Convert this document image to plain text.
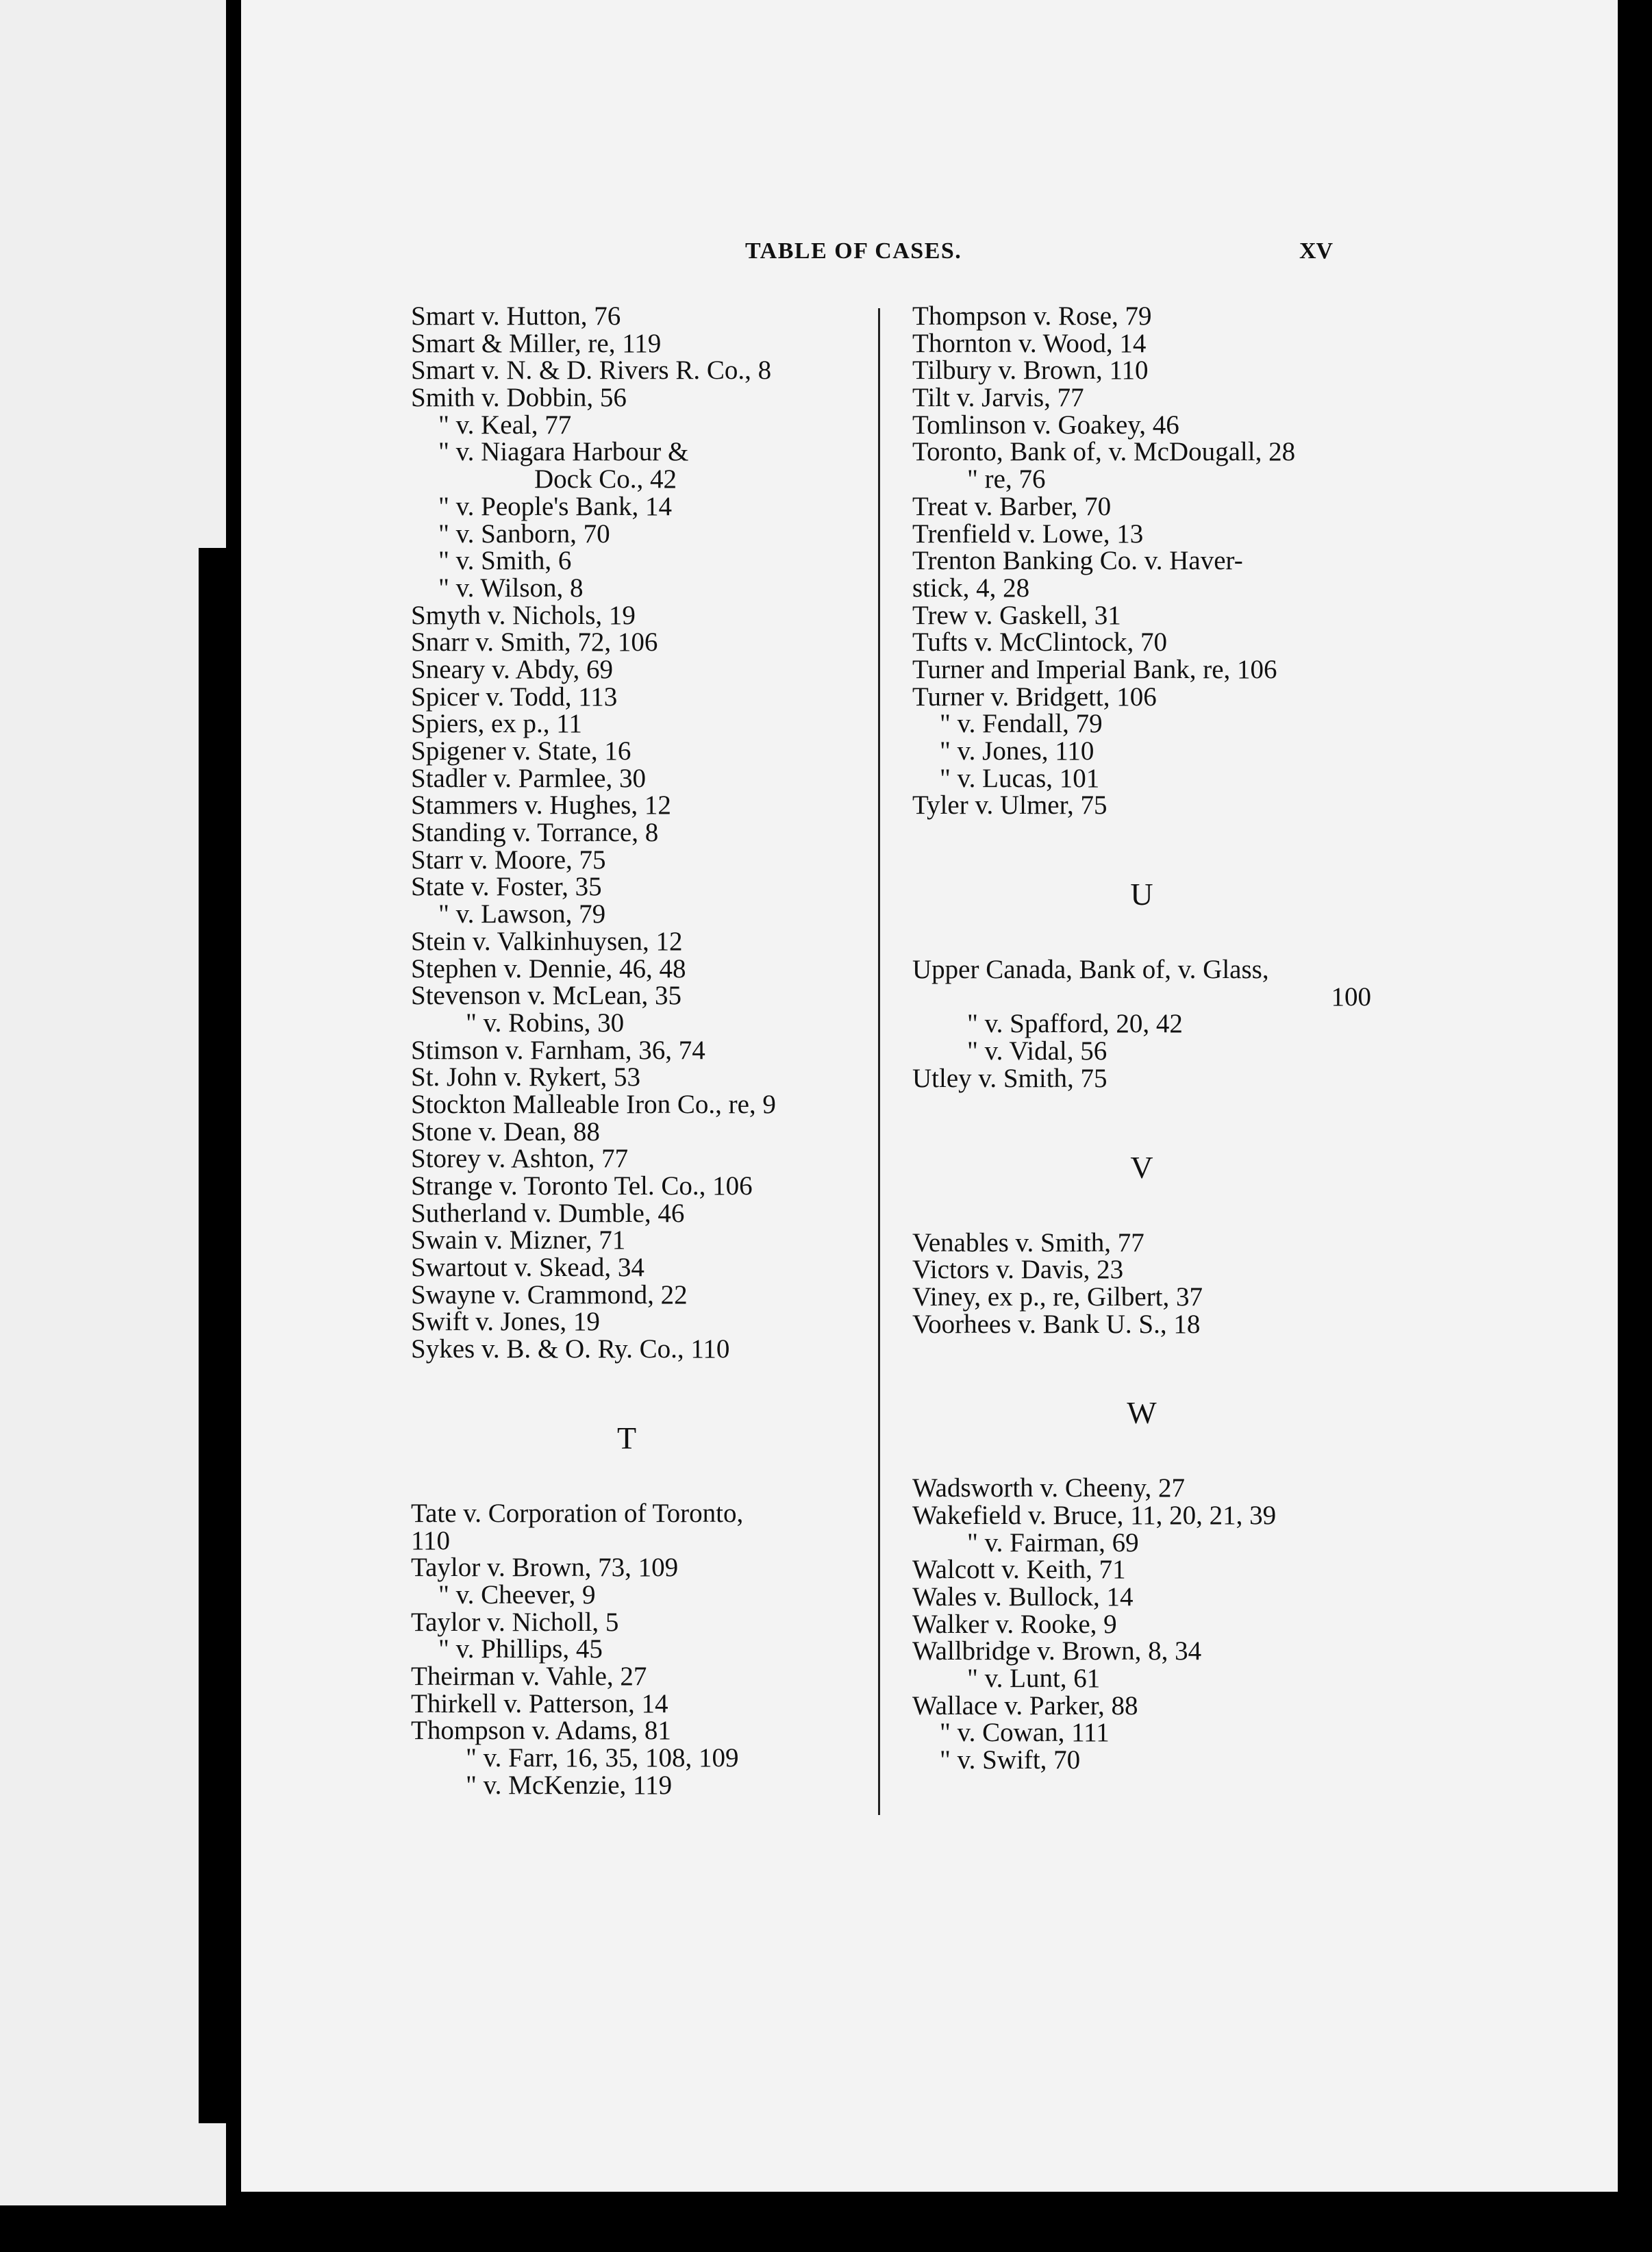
TABLE OF CASES.	XV
Smart v. Hutton, 76
Smart & Miller, re, 119
Smart v. N. & D. Rivers R. Co., 8
Smith v. Dobbin, 56
" v. Keal, 77
" v. Niagara Harbour &
Dock Co., 42
" v. People's Bank, 14
" v. Sanborn, 70
" v. Smith, 6
" v. Wilson, 8
Smyth v. Nichols, 19
Snarr v. Smith, 72, 106
Sneary v. Abdy, 69
Spicer v. Todd, 113
Spiers, ex p., 11
Spigener v. State, 16
Stadler v. Parmlee, 30
Stammers v. Hughes, 12
Standing v. Torrance, 8
Starr v. Moore, 75
State v. Foster, 35
" v. Lawson, 79
Stein v. Valkinhuysen, 12
Stephen v. Dennie, 46, 48
Stevenson v. McLean, 35
" v. Robins, 30
Stimson v. Farnham, 36, 74
St. John v. Rykert, 53
Stockton Malleable Iron Co., re, 9
Stone v. Dean, 88
Storey v. Ashton, 77
Strange v. Toronto Tel. Co., 106
Sutherland v. Dumble, 46
Swain v. Mizner, 71
Swartout v. Skead, 34
Swayne v. Crammond, 22
Swift v. Jones, 19
Sykes v. B. & O. Ry. Co., 110
T
Tate v. Corporation of Toronto,
110
Taylor v. Brown, 73, 109
" v. Cheever, 9
Taylor v. Nicholl, 5
" v. Phillips, 45
Theirman v. Vahle, 27
Thirkell v. Patterson, 14
Thompson v. Adams, 81
" v. Farr, 16, 35, 108, 109
" v. McKenzie, 119
Thompson v. Rose, 79
Thornton v. Wood, 14
Tilbury v. Brown, 110
Tilt v. Jarvis, 77
Tomlinson v. Goakey, 46
Toronto, Bank of, v. McDougall, 28
" re, 76
Treat v. Barber, 70
Trenfield v. Lowe, 13
Trenton Banking Co. v. Haver-
stick, 4, 28
Trew v. Gaskell, 31
Tufts v. McClintock, 70
Turner and Imperial Bank, re, 106
Turner v. Bridgett, 106
" v. Fendall, 79
" v. Jones, 110
" v. Lucas, 101
Tyler v. Ulmer, 75
U
Upper Canada, Bank of, v. Glass,
100
" v. Spafford, 20, 42
" v. Vidal, 56
Utley v. Smith, 75
V
Venables v. Smith, 77
Victors v. Davis, 23
Viney, ex p., re, Gilbert, 37
Voorhees v. Bank U. S., 18
W
Wadsworth v. Cheeny, 27
Wakefield v. Bruce, 11, 20, 21, 39
" v. Fairman, 69
Walcott v. Keith, 71
Wales v. Bullock, 14
Walker v. Rooke, 9
Wallbridge v. Brown, 8, 34
" v. Lunt, 61
Wallace v. Parker, 88
" v. Cowan, 111
" v. Swift, 70
